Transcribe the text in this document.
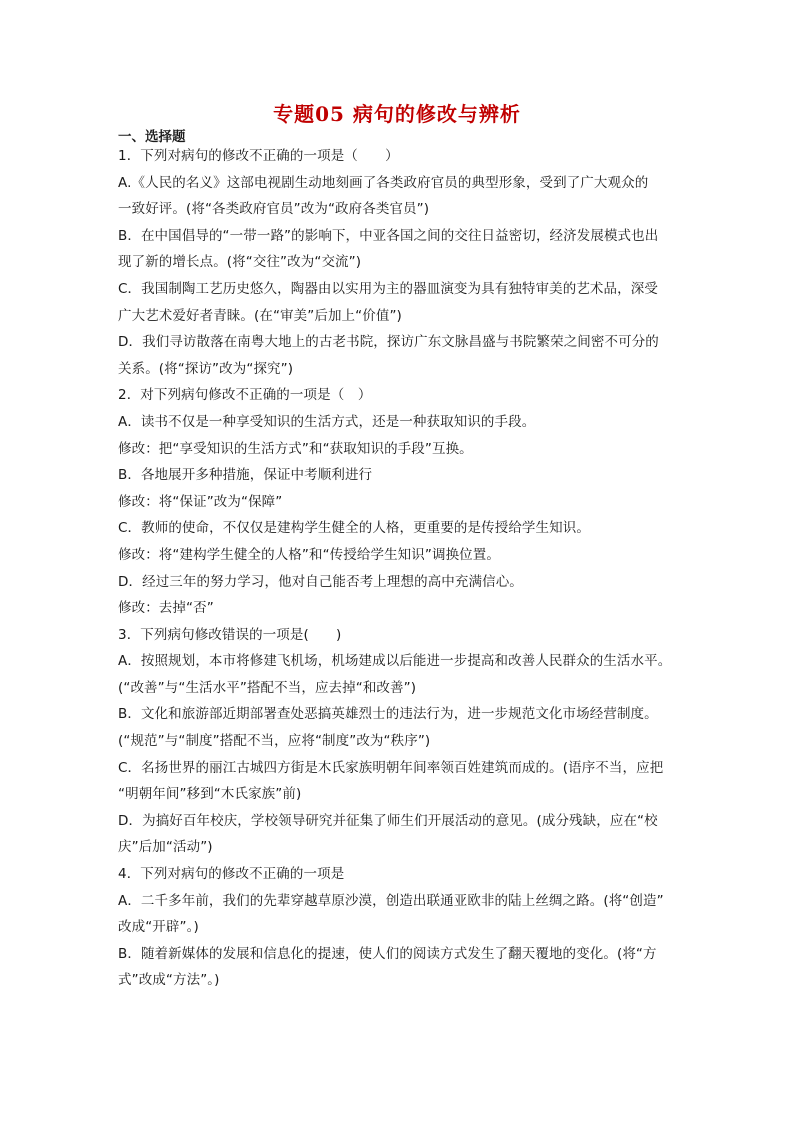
专题05 病句的修改与辨析
一、选择题
1．下列对病句的修改不正确的一项是（　　）
A.《人民的名义》这部电视剧生动地刻画了各类政府官员的典型形象，受到了广大观众的
一致好评。(将“各类政府官员”改为“政府各类官员”)
B．在中国倡导的“一带一路”的影响下，中亚各国之间的交往日益密切，经济发展模式也出
现了新的增长点。(将“交往”改为“交流”)
C．我国制陶工艺历史悠久，陶器由以实用为主的器皿演变为具有独特审美的艺术品，深受
广大艺术爱好者青睐。(在“审美”后加上“价值”)
D．我们寻访散落在南粤大地上的古老书院，探访广东文脉昌盛与书院繁荣之间密不可分的
关系。(将“探访”改为“探究”)
2．对下列病句修改不正确的一项是（　）
A．读书不仅是一种享受知识的生活方式，还是一种获取知识的手段。
修改：把“享受知识的生活方式”和“获取知识的手段”互换。
B．各地展开多种措施，保证中考顺利进行
修改：将“保证”改为“保障”
C．教师的使命，不仅仅是建构学生健全的人格，更重要的是传授给学生知识。
修改：将“建构学生健全的人格”和“传授给学生知识”调换位置。
D．经过三年的努力学习，他对自己能否考上理想的高中充满信心。
修改：去掉“否”
3．下列病句修改错误的一项是(　　)
A．按照规划，本市将修建飞机场，机场建成以后能进一步提高和改善人民群众的生活水平。
(“改善”与“生活水平”搭配不当，应去掉“和改善”)
B．文化和旅游部近期部署查处恶搞英雄烈士的违法行为，进一步规范文化市场经营制度。
(“规范”与“制度”搭配不当，应将“制度”改为“秩序”)
C．名扬世界的丽江古城四方街是木氏家族明朝年间率领百姓建筑而成的。(语序不当，应把
“明朝年间”移到“木氏家族”前)
D．为搞好百年校庆，学校领导研究并征集了师生们开展活动的意见。(成分残缺，应在“校
庆”后加“活动”)
4．下列对病句的修改不正确的一项是
A．二千多年前，我们的先辈穿越草原沙漠，创造出联通亚欧非的陆上丝绸之路。(将“创造”
改成“开辟”。)
B．随着新媒体的发展和信息化的提速，使人们的阅读方式发生了翻天覆地的变化。(将“方
式”改成“方法”。)
